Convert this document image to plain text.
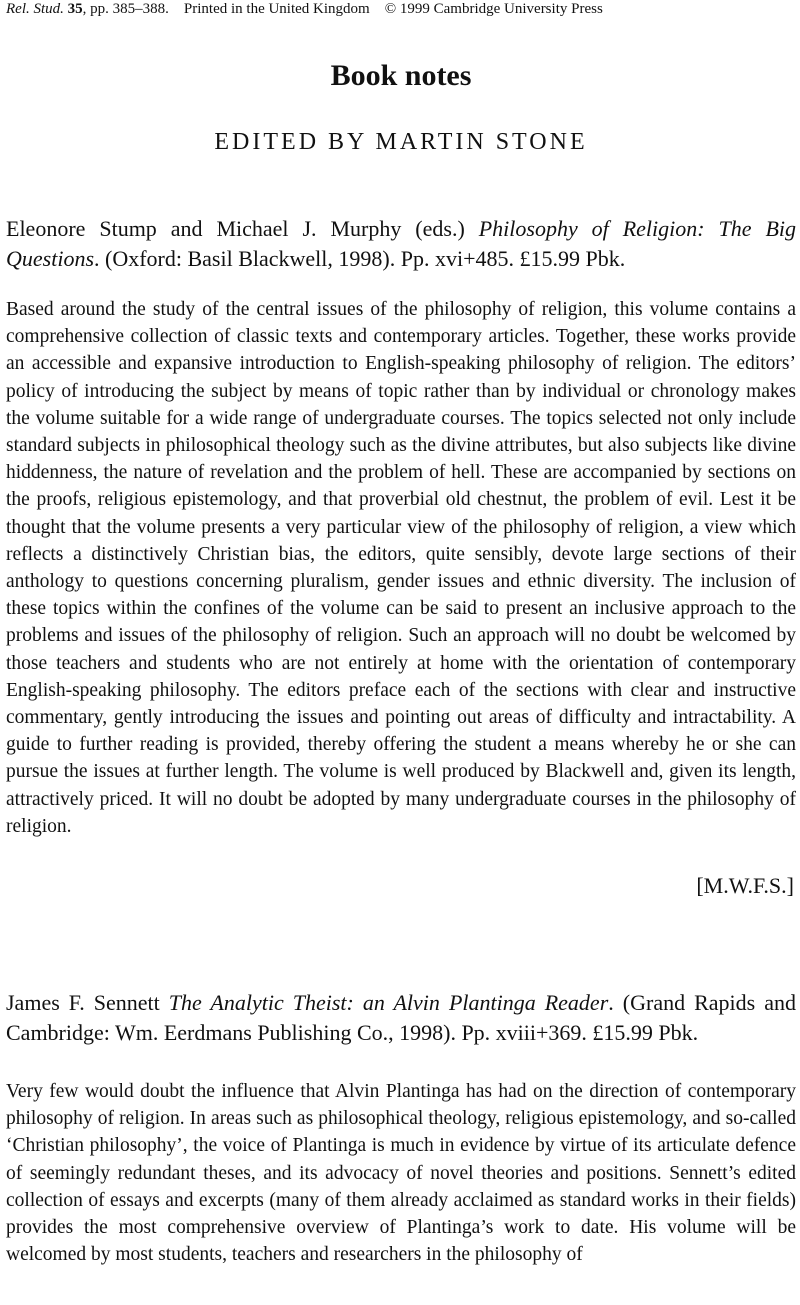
Rel. Stud. 35, pp. 385–388. Printed in the United Kingdom © 1999 Cambridge University Press
Book notes
EDITED BY MARTIN STONE
Eleonore Stump and Michael J. Murphy (eds.) Philosophy of Religion: The Big Questions. (Oxford: Basil Blackwell, 1998). Pp. xvi+485. £15.99 Pbk.
Based around the study of the central issues of the philosophy of religion, this volume contains a comprehensive collection of classic texts and contemporary articles. Together, these works provide an accessible and expansive introduction to English-speaking philosophy of religion. The editors’ policy of introducing the subject by means of topic rather than by individual or chronology makes the volume suitable for a wide range of undergraduate courses. The topics selected not only include standard subjects in philosophical theology such as the divine attributes, but also subjects like divine hiddenness, the nature of revelation and the problem of hell. These are accompanied by sections on the proofs, religious epistemology, and that proverbial old chestnut, the problem of evil. Lest it be thought that the volume presents a very particular view of the philosophy of religion, a view which reflects a distinctively Christian bias, the editors, quite sensibly, devote large sections of their anthology to questions concerning pluralism, gender issues and ethnic diversity. The inclusion of these topics within the confines of the volume can be said to present an inclusive approach to the problems and issues of the philosophy of religion. Such an approach will no doubt be welcomed by those teachers and students who are not entirely at home with the orientation of contemporary English-speaking philosophy. The editors preface each of the sections with clear and instructive commentary, gently introducing the issues and pointing out areas of difficulty and intractability. A guide to further reading is provided, thereby offering the student a means whereby he or she can pursue the issues at further length. The volume is well produced by Blackwell and, given its length, attractively priced. It will no doubt be adopted by many undergraduate courses in the philosophy of religion.
[M.W.F.S.]
James F. Sennett The Analytic Theist: an Alvin Plantinga Reader. (Grand Rapids and Cambridge: Wm. Eerdmans Publishing Co., 1998). Pp. xviii+369. £15.99 Pbk.
Very few would doubt the influence that Alvin Plantinga has had on the direction of contemporary philosophy of religion. In areas such as philosophical theology, religious epistemology, and so-called ‘Christian philosophy’, the voice of Plantinga is much in evidence by virtue of its articulate defence of seemingly redundant theses, and its advocacy of novel theories and positions. Sennett’s edited collection of essays and excerpts (many of them already acclaimed as standard works in their fields) provides the most comprehensive overview of Plantinga’s work to date. His volume will be welcomed by most students, teachers and researchers in the philosophy of
